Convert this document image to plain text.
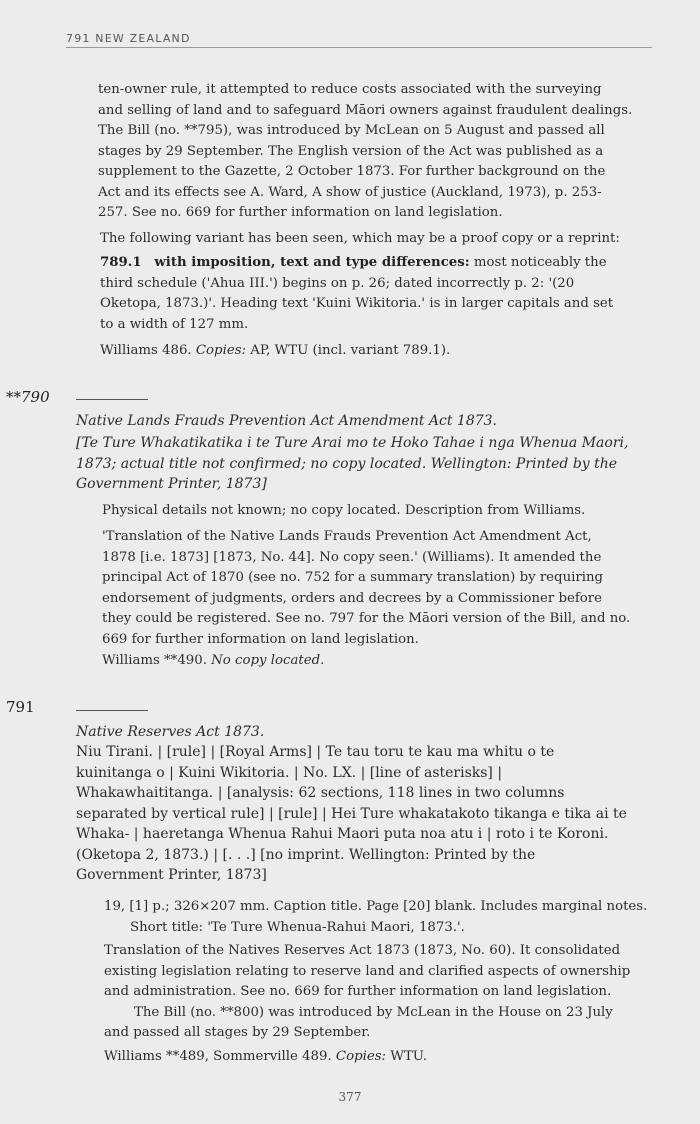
791 NEW ZEALAND
ten-owner rule, it attempted to reduce costs associated with the surveying
and selling of land and to safeguard Māori owners against fraudulent dealings.
The Bill (no. **795), was introduced by McLean on 5 August and passed all
stages by 29 September. The English version of the Act was published as a
supplement to the Gazette, 2 October 1873. For further background on the
Act and its effects see A. Ward, A show of justice (Auckland, 1973), p. 253-
257. See no. 669 for further information on land legislation.
The following variant has been seen, which may be a proof copy or a reprint:
789.1 with imposition, text and type differences: most noticeably the
third schedule ('Ahua III.') begins on p. 26; dated incorrectly p. 2: '(20
Oketopa, 1873.)'. Heading text 'Kuini Wikitoria.' is in larger capitals and set
to a width of 127 mm.
Williams 486. Copies: AP, WTU (incl. variant 789.1).
**790
Native Lands Frauds Prevention Act Amendment Act 1873.
[Te Ture Whakatikatika i te Ture Arai mo te Hoko Tahae i nga Whenua Maori,
1873; actual title not confirmed; no copy located. Wellington: Printed by the
Government Printer, 1873]
Physical details not known; no copy located. Description from Williams.
'Translation of the Native Lands Frauds Prevention Act Amendment Act,
1878 [i.e. 1873] [1873, No. 44]. No copy seen.' (Williams). It amended the
principal Act of 1870 (see no. 752 for a summary translation) by requiring
endorsement of judgments, orders and decrees by a Commissioner before
they could be registered. See no. 797 for the Māori version of the Bill, and no.
669 for further information on land legislation.
Williams **490. No copy located.
791
Native Reserves Act 1873.
Niu Tirani. | [rule] | [Royal Arms] | Te tau toru te kau ma whitu o te
kuinitanga o | Kuini Wikitoria. | No. LX. | [line of asterisks] |
Whakawhaititanga. | [analysis: 62 sections, 118 lines in two columns
separated by vertical rule] | [rule] | Hei Ture whakatakoto tikanga e tika ai te
Whaka- | haeretanga Whenua Rahui Maori puta noa atu i | roto i te Koroni.
(Oketopa 2, 1873.) | [. . .] [no imprint. Wellington: Printed by the
Government Printer, 1873]
19, [1] p.; 326×207 mm. Caption title. Page [20] blank. Includes marginal notes.
Short title: 'Te Ture Whenua-Rahui Maori, 1873.'.
Translation of the Natives Reserves Act 1873 (1873, No. 60). It consolidated
existing legislation relating to reserve land and clarified aspects of ownership
and administration. See no. 669 for further information on land legislation.
The Bill (no. **800) was introduced by McLean in the House on 23 July
and passed all stages by 29 September.
Williams **489, Sommerville 489. Copies: WTU.
377
